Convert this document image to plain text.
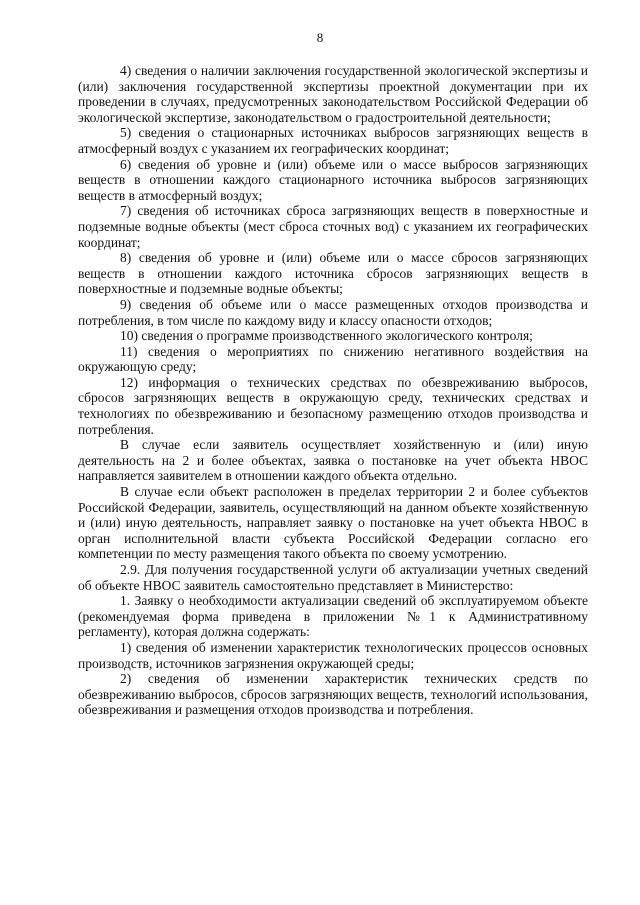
8

4) сведения о наличии заключения государственной экологической экспертизы и (или) заключения государственной экспертизы проектной документации при их проведении в случаях, предусмотренных законодательством Российской Федерации об экологической экспертизе, законодательством о градостроительной деятельности;

5) сведения о стационарных источниках выбросов загрязняющих веществ в атмосферный воздух с указанием их географических координат;

6) сведения об уровне и (или) объеме или о массе выбросов загрязняющих веществ в отношении каждого стационарного источника выбросов загрязняющих веществ в атмосферный воздух;

7) сведения об источниках сброса загрязняющих веществ в поверхностные и подземные водные объекты (мест сброса сточных вод) с указанием их географических координат;

8) сведения об уровне и (или) объеме или о массе сбросов загрязняющих веществ в отношении каждого источника сбросов загрязняющих веществ в поверхностные и подземные водные объекты;

9) сведения об объеме или о массе размещенных отходов производства и потребления, в том числе по каждому виду и классу опасности отходов;

10) сведения о программе производственного экологического контроля;

11) сведения о мероприятиях по снижению негативного воздействия на окружающую среду;

12) информация о технических средствах по обезвреживанию выбросов, сбросов загрязняющих веществ в окружающую среду, технических средствах и технологиях по обезвреживанию и безопасному размещению отходов производства и потребления.

В случае если заявитель осуществляет хозяйственную и (или) иную деятельность на 2 и более объектах, заявка о постановке на учет объекта НВОС направляется заявителем в отношении каждого объекта отдельно.

В случае если объект расположен в пределах территории 2 и более субъектов Российской Федерации, заявитель, осуществляющий на данном объекте хозяйственную и (или) иную деятельность, направляет заявку о постановке на учет объекта НВОС в орган исполнительной власти субъекта Российской Федерации согласно его компетенции по месту размещения такого объекта по своему усмотрению.

2.9. Для получения государственной услуги об актуализации учетных сведений об объекте НВОС заявитель самостоятельно представляет в Министерство:

1. Заявку о необходимости актуализации сведений об эксплуатируемом объекте (рекомендуемая форма приведена в приложении №1 к Административному регламенту), которая должна содержать:

1) сведения об изменении характеристик технологических процессов основных производств, источников загрязнения окружающей среды;

2) сведения об изменении характеристик технических средств по обезвреживанию выбросов, сбросов загрязняющих веществ, технологий использования, обезвреживания и размещения отходов производства и потребления.
